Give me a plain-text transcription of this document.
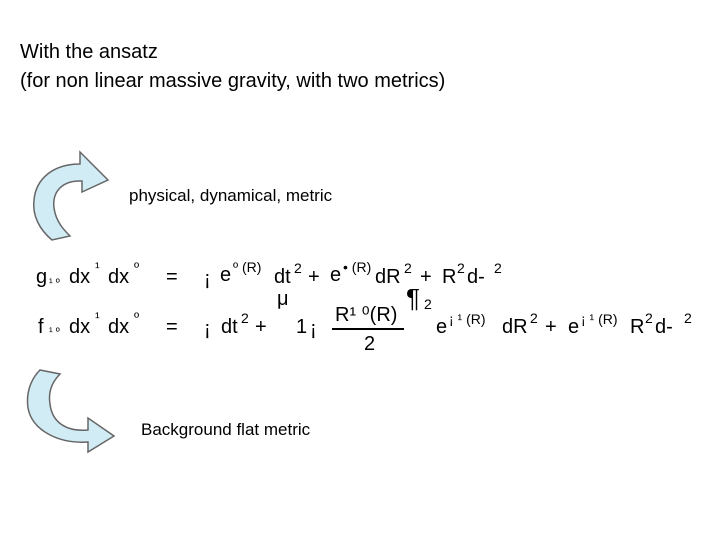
With the ansatz
(for non linear massive gravity, with two metrics)
physical, dynamical, metric
g ¹ º dx ¹ dx º = ¡ e º (R) dt 2 + e • (R) dR 2 + R 2 d- 2
μ
f ¹ º dx ¹ dx º = ¡ dt 2 + 1 ¡
R¹ ⁰(R)
2
¶ 2
e ¡ ¹ (R) dR 2 + e ¡ ¹ (R) R 2 d- 2
Background flat metric
